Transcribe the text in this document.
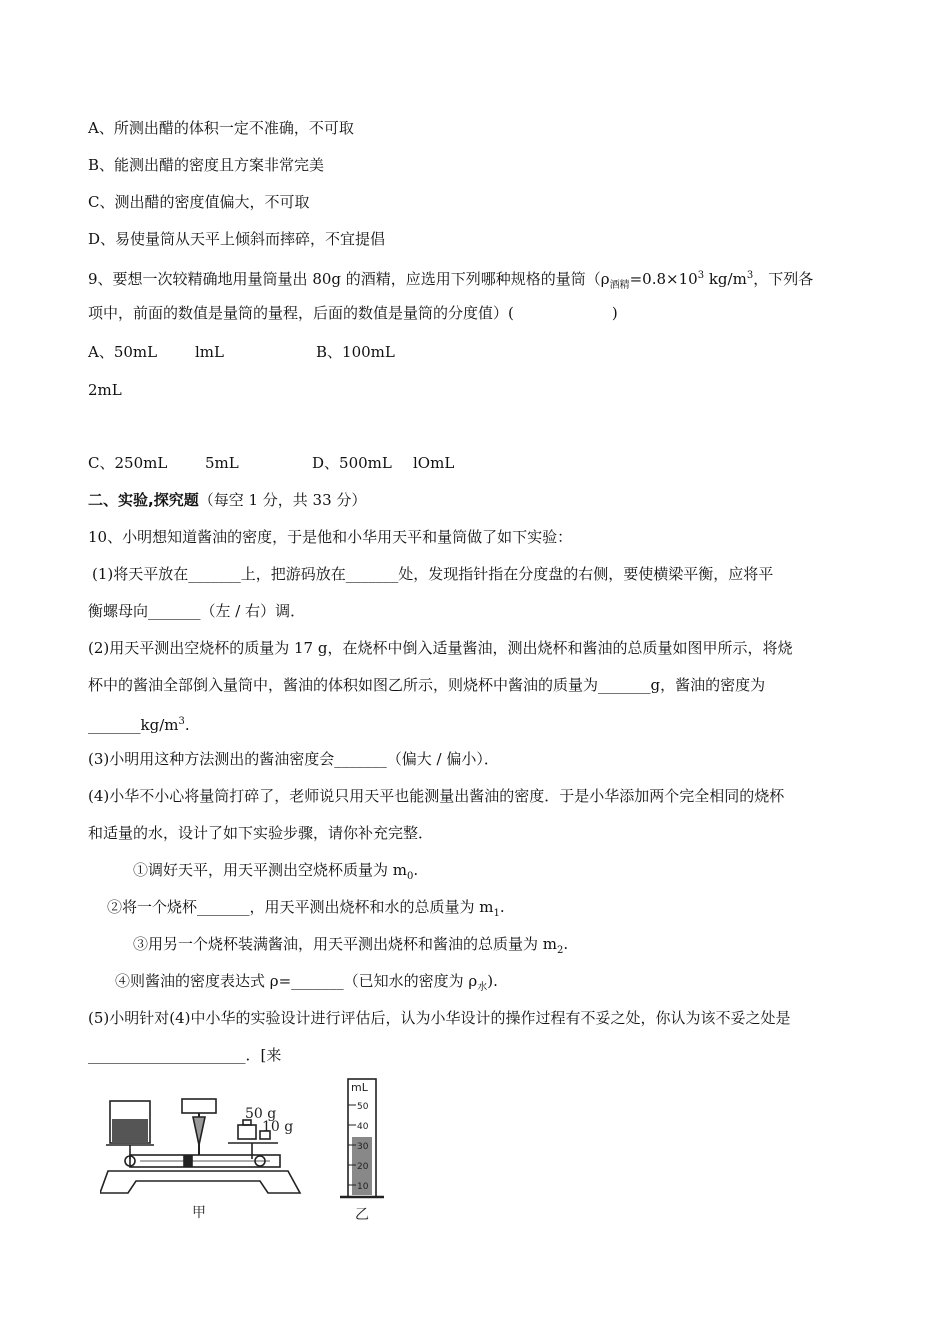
A、所测出醋的体积一定不准确，不可取
B、能测出醋的密度且方案非常完美
C、测出醋的密度值偏大，不可取
D、易使量筒从天平上倾斜而摔碎，不宜提倡
9、要想一次较精确地用量筒量出 80g 的酒精，应选用下列哪种规格的量筒（$\rho_{酒精}=0.8\times 10^3$ $kg/m^3$，下列各
项中，前面的数值是量筒的量程，后面的数值是量筒的分度值）(	)
A、50mL	lmL	B、100mL
2mL
C、250mL	5mL	D、500mL lOmL
二、实验,探究题（每空 1 分，共 33 分）
10、小明想知道酱油的密度，于是他和小华用天平和量筒做了如下实验：
(1)将天平放在_______上，把游码放在_______处，发现指针指在分度盘的右侧，要使横梁平衡，应将平
衡螺母向_______（左 / 右）调．
(2)用天平测出空烧杯的质量为 17 g，在烧杯中倒入适量酱油，测出烧杯和酱油的总质量如图甲所示，将烧
杯中的酱油全部倒入量筒中，酱油的体积如图乙所示，则烧杯中酱油的质量为_______g，酱油的密度为
$\_\_\_\_\_\_\_kg/m^3$.
(3)小明用这种方法测出的酱油密度会_______（偏大 / 偏小）．
(4)小华不小心将量筒打碎了，老师说只用天平也能测量出酱油的密度．于是小华添加两个完全相同的烧杯
和适量的水，设计了如下实验步骤，请你补充完整．
①调好天平，用天平测出空烧杯质量为 $m_0$.
②将一个烧杯_______，用天平测出烧杯和水的总质量为 $m_1$.
③用另一个烧杯装满酱油，用天平测出烧杯和酱油的总质量为 $m_2$.
④则酱油的密度表达式 ρ=_______（已知水的密度为 $\rho_水$).
(5)小明针对(4)中小华的实验设计进行评估后，认为小华设计的操作过程有不妥之处，你认为该不妥之处是
_____________________．[来
50 g
10 g
甲
50
40
30
20
10
mL
乙
